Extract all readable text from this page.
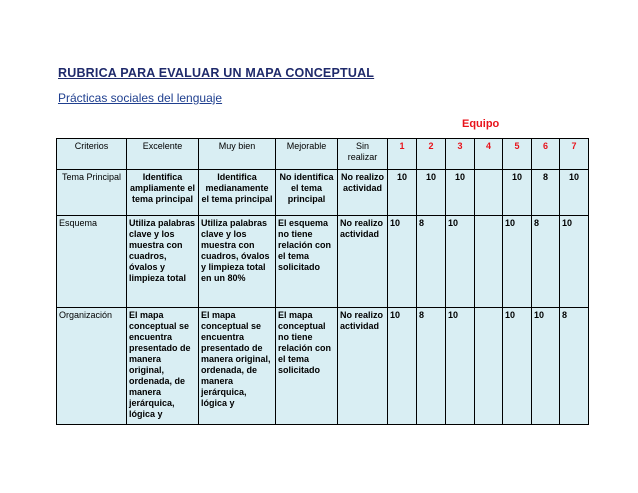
RUBRICA PARA EVALUAR UN MAPA CONCEPTUAL
Prácticas sociales del lenguaje
Equipo
Criterios	Excelente	Muy bien	Mejorable	Sin realizar	1	2	3	4	5	6	7
Tema Principal	Identifica ampliamente el tema principal	Identifica medianamente el tema principal	No identifica el tema principal	No realizo actividad	10	10	10		10	8	10
Esquema	Utiliza palabras clave y los muestra con cuadros, óvalos y limpieza total	Utiliza palabras clave y los muestra con cuadros, óvalos y limpieza total en un 80%	El esquema no tiene relación con el tema solicitado	No realizo actividad	10	8	10		10	8	10
Organización	El mapa conceptual se encuentra presentado de manera original, ordenada, de manera jerárquica, lógica y	El mapa conceptual se encuentra presentado de manera original, ordenada, de manera jerárquica, lógica y	El mapa conceptual no tiene relación con el tema solicitado	No realizo actividad	10	8	10		10	10	8
